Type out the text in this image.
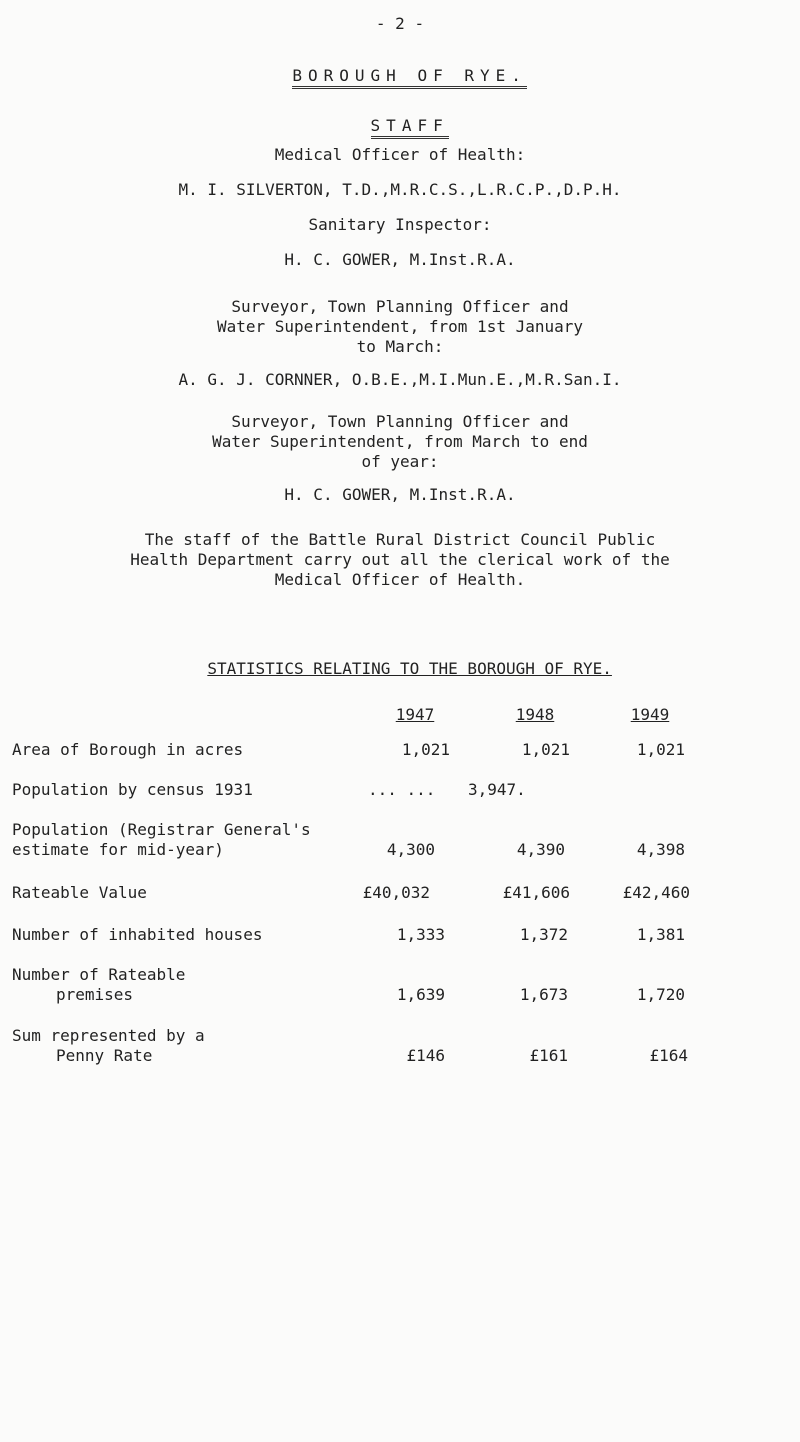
- 2 -

BOROUGH OF RYE.

STAFF

Medical Officer of Health:
M. I. SILVERTON, T.D.,M.R.C.S.,L.R.C.P.,D.P.H.
Sanitary Inspector:
H. C. GOWER, M.Inst.R.A.
Surveyor, Town Planning Officer and
Water Superintendent, from 1st January
to March:
A. G. J. CORNNER, O.B.E.,M.I.Mun.E.,M.R.San.I.
Surveyor, Town Planning Officer and
Water Superintendent, from March to end
of year:
H. C. GOWER, M.Inst.R.A.
The staff of the Battle Rural District Council Public
Health Department carry out all the clerical work of the
Medical Officer of Health.

STATISTICS RELATING TO THE BOROUGH OF RYE.

1947	1948	1949
Area of Borough in acres	1,021	1,021	1,021
Population by census 1931	... ... 3,947.
Population (Registrar General's
estimate for mid-year)	4,300	4,390	4,398
Rateable Value	£40,032	£41,606	£42,460
Number of inhabited houses	1,333	1,372	1,381
Number of Rateable
premises	1,639	1,673	1,720
Sum represented by a
Penny Rate	£146	£161	£164
